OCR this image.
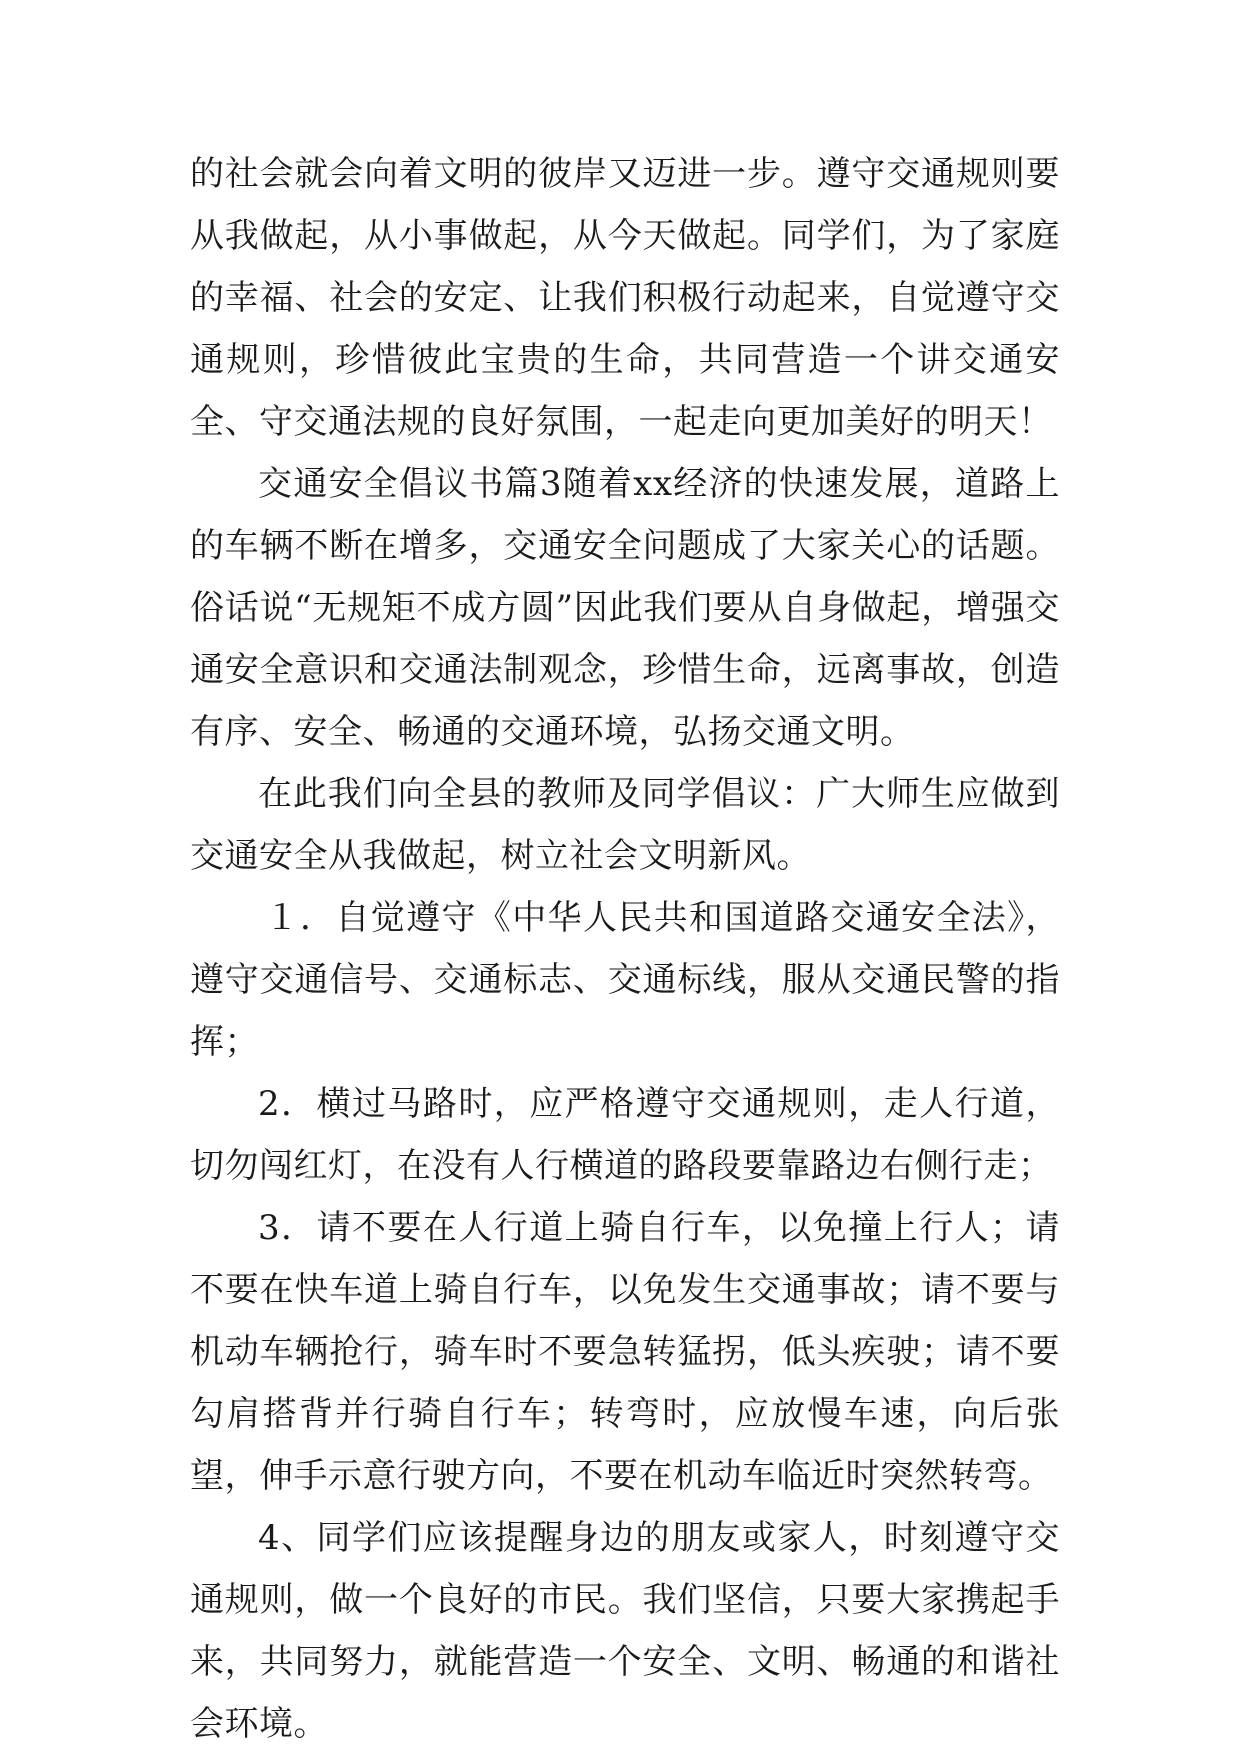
的社会就会向着文明的彼岸又迈进一步。遵守交通规则要从我做起，从小事做起，从今天做起。同学们，为了家庭的幸福、社会的安定、让我们积极行动起来，自觉遵守交通规则，珍惜彼此宝贵的生命，共同营造一个讲交通安全、守交通法规的良好氛围，一起走向更加美好的明天！

交通安全倡议书篇3随着xx经济的快速发展，道路上的车辆不断在增多，交通安全问题成了大家关心的话题。俗话说“无规矩不成方圆”因此我们要从自身做起，增强交通安全意识和交通法制观念，珍惜生命，远离事故，创造有序、安全、畅通的交通环境，弘扬交通文明。

在此我们向全县的教师及同学倡议：广大师生应做到交通安全从我做起，树立社会文明新风。

１．自觉遵守《中华人民共和国道路交通安全法》，遵守交通信号、交通标志、交通标线，服从交通民警的指挥；

2．横过马路时，应严格遵守交通规则，走人行道，切勿闯红灯，在没有人行横道的路段要靠路边右侧行走；

3．请不要在人行道上骑自行车，以免撞上行人；请不要在快车道上骑自行车，以免发生交通事故；请不要与机动车辆抢行，骑车时不要急转猛拐，低头疾驶；请不要勾肩搭背并行骑自行车；转弯时，应放慢车速，向后张望，伸手示意行驶方向，不要在机动车临近时突然转弯。

4、同学们应该提醒身边的朋友或家人，时刻遵守交通规则，做一个良好的市民。我们坚信，只要大家携起手来，共同努力，就能营造一个安全、文明、畅通的和谐社会环境。
